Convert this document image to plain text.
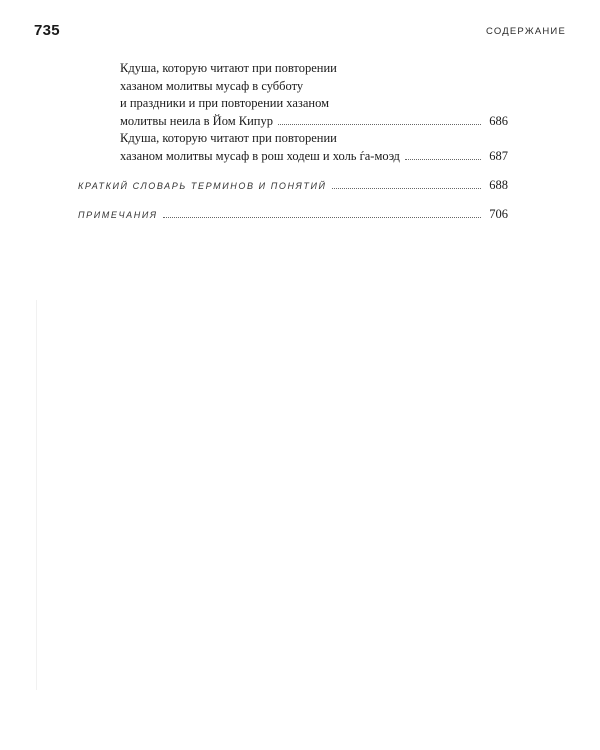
735	СОДЕРЖАНИЕ
Кдуша, которую читают при повторении
хазаном молитвы мусаф в субботу
и праздники и при повторении хазаном
молитвы неила в Йом Кипур	686
Кдуша, которую читают при повторении
хазаном молитвы мусаф в рош ходеш и холь ѓа-моэд	687
КРАТКИЙ СЛОВАРЬ ТЕРМИНОВ И ПОНЯТИЙ	688
ПРИМЕЧАНИЯ	706
